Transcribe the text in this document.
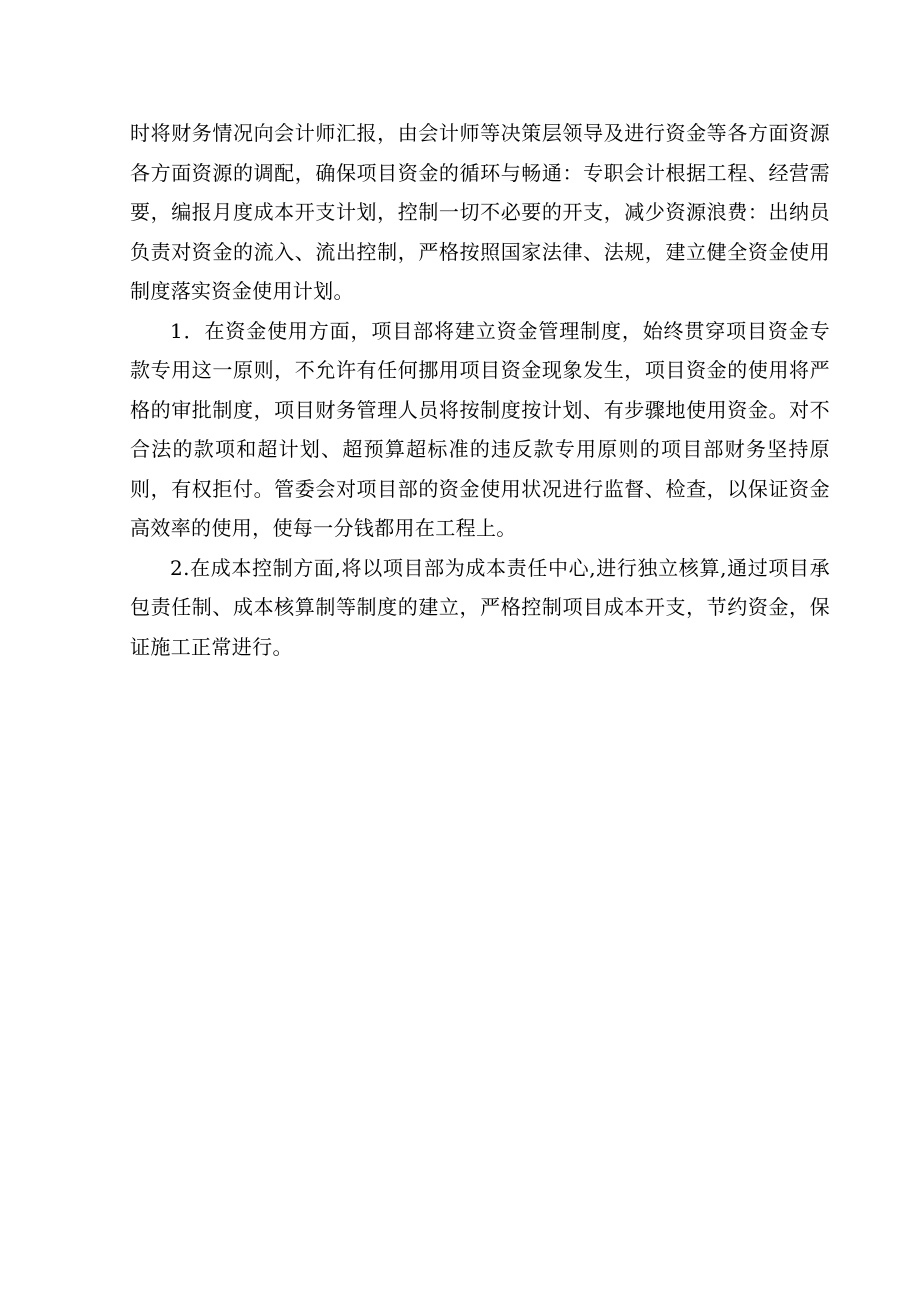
时将财务情况向会计师汇报，由会计师等决策层领导及进行资金等各方面资源各方面资源的调配，确保项目资金的循环与畅通：专职会计根据工程、经营需要，编报月度成本开支计划，控制一切不必要的开支，减少资源浪费：出纳员负责对资金的流入、流出控制，严格按照国家法律、法规，建立健全资金使用制度落实资金使用计划。

1．在资金使用方面，项目部将建立资金管理制度，始终贯穿项目资金专款专用这一原则，不允许有任何挪用项目资金现象发生，项目资金的使用将严格的审批制度，项目财务管理人员将按制度按计划、有步骤地使用资金。对不合法的款项和超计划、超预算超标准的违反款专用原则的项目部财务坚持原则，有权拒付。管委会对项目部的资金使用状况进行监督、检查，以保证资金高效率的使用，使每一分钱都用在工程上。

2.在成本控制方面,将以项目部为成本责任中心,进行独立核算,通过项目承包责任制、成本核算制等制度的建立，严格控制项目成本开支，节约资金，保证施工正常进行。
